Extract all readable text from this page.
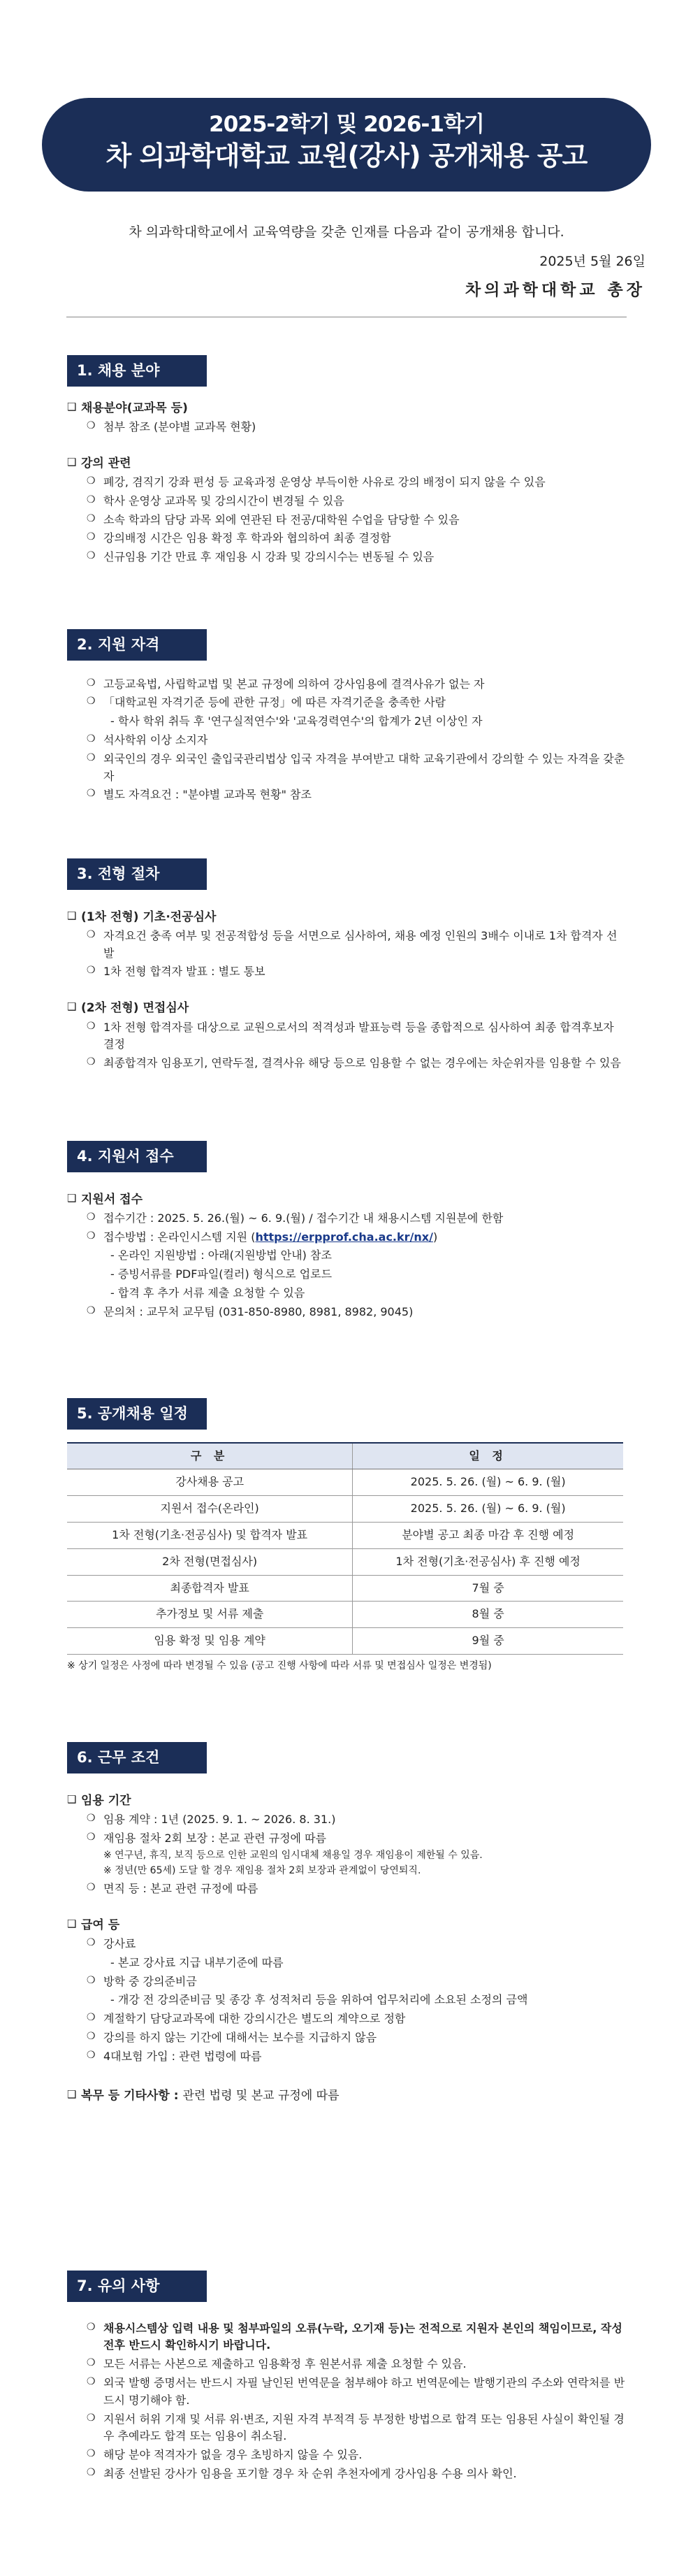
2025-2학기 및 2026-1학기
차 의과학대학교 교원(강사) 공개채용 공고
차 의과학대학교에서 교육역량을 갖춘 인재를 다음과 같이 공개채용 합니다.
2025년 5월 26일
차의과학대학교 총장
1. 채용 분야
❑ 채용분야(교과목 등)
❍ 첨부 참조 (분야별 교과목 현황)
❑ 강의 관련
❍ 폐강, 겸직기 강좌 편성 등 교육과정 운영상 부득이한 사유로 강의 배정이 되지 않을 수 있음
❍ 학사 운영상 교과목 및 강의시간이 변경될 수 있음
❍ 소속 학과의 담당 과목 외에 연관된 타 전공/대학원 수업을 담당할 수 있음
❍ 강의배정 시간은 임용 확정 후 학과와 협의하여 최종 결정함
❍ 신규임용 기간 만료 후 재임용 시 강좌 및 강의시수는 변동될 수 있음
2. 지원 자격
❍ 고등교육법, 사립학교법 및 본교 규정에 의하여 강사임용에 결격사유가 없는 자
❍ 「대학교원 자격기준 등에 관한 규정」에 따른 자격기준을 충족한 사람
- 학사 학위 취득 후 '연구실적연수'와 '교육경력연수'의 합계가 2년 이상인 자
❍ 석사학위 이상 소지자
❍ 외국인의 경우 외국인 출입국관리법상 입국 자격을 부여받고 대학 교육기관에서 강의할 수 있는 자격을 갖춘 자
❍ 별도 자격요건 : "분야별 교과목 현황" 참조
3. 전형 절차
❑ (1차 전형) 기초·전공심사
❍ 자격요건 충족 여부 및 전공적합성 등을 서면으로 심사하여, 채용 예정 인원의 3배수 이내로 1차 합격자 선발
❍ 1차 전형 합격자 발표 : 별도 통보
❑ (2차 전형) 면접심사
❍ 1차 전형 합격자를 대상으로 교원으로서의 적격성과 발표능력 등을 종합적으로 심사하여 최종 합격후보자 결정
❍ 최종합격자 임용포기, 연락두절, 결격사유 해당 등으로 임용할 수 없는 경우에는 차순위자를 임용할 수 있음
4. 지원서 접수
❑ 지원서 접수
❍ 접수기간 : 2025. 5. 26.(월) ~ 6. 9.(월) / 접수기간 내 채용시스템 지원분에 한함
❍ 접수방법 : 온라인시스템 지원 (https://erpprof.cha.ac.kr/nx/)
- 온라인 지원방법 : 아래(지원방법 안내) 참조
- 증빙서류를 PDF파일(컬러) 형식으로 업로드
- 합격 후 추가 서류 제출 요청할 수 있음
❍ 문의처 : 교무처 교무팀 (031-850-8980, 8981, 8982, 9045)
5. 공개채용 일정
구 분	일 정
강사채용 공고	2025. 5. 26. (월) ~ 6. 9. (월)
지원서 접수(온라인)	2025. 5. 26. (월) ~ 6. 9. (월)
1차 전형(기초·전공심사) 및 합격자 발표	분야별 공고 최종 마감 후 진행 예정
2차 전형(면접심사)	1차 전형(기초·전공심사) 후 진행 예정
최종합격자 발표	7월 중
추가정보 및 서류 제출	8월 중
임용 확정 및 임용 계약	9월 중
※ 상기 일정은 사정에 따라 변경될 수 있음 (공고 진행 사항에 따라 서류 및 면접심사 일정은 변경됨)
6. 근무 조건
❑ 임용 기간
❍ 임용 계약 : 1년 (2025. 9. 1. ~ 2026. 8. 31.)
❍ 재임용 절차 2회 보장 : 본교 관련 규정에 따름
※ 연구년, 휴직, 보직 등으로 인한 교원의 임시대체 채용일 경우 재임용이 제한될 수 있음.
※ 정년(만 65세) 도달 할 경우 재임용 절차 2회 보장과 관계없이 당연퇴직.
❍ 면직 등 : 본교 관련 규정에 따름
❑ 급여 등
❍ 강사료
- 본교 강사료 지급 내부기준에 따름
❍ 방학 중 강의준비금
- 개강 전 강의준비금 및 종강 후 성적처리 등을 위하여 업무처리에 소요된 소정의 금액
❍ 계절학기 담당교과목에 대한 강의시간은 별도의 계약으로 정함
❍ 강의를 하지 않는 기간에 대해서는 보수를 지급하지 않음
❍ 4대보험 가입 : 관련 법령에 따름
❑ 복무 등 기타사항 : 관련 법령 및 본교 규정에 따름
7. 유의 사항
❍ 채용시스템상 입력 내용 및 첨부파일의 오류(누락, 오기재 등)는 전적으로 지원자 본인의 책임이므로, 작성 전후 반드시 확인하시기 바랍니다.
❍ 모든 서류는 사본으로 제출하고 임용확정 후 원본서류 제출 요청할 수 있음.
❍ 외국 발행 증명서는 반드시 자필 날인된 번역문을 첨부해야 하고 번역문에는 발행기관의 주소와 연락처를 반드시 명기해야 함.
❍ 지원서 허위 기재 및 서류 위·변조, 지원 자격 부적격 등 부정한 방법으로 합격 또는 임용된 사실이 확인될 경우 추예라도 합격 또는 임용이 취소됨.
❍ 해당 분야 적격자가 없을 경우 초빙하지 않을 수 있음.
❍ 최종 선발된 강사가 임용을 포기할 경우 차 순위 추천자에게 강사임용 수용 의사 확인.
